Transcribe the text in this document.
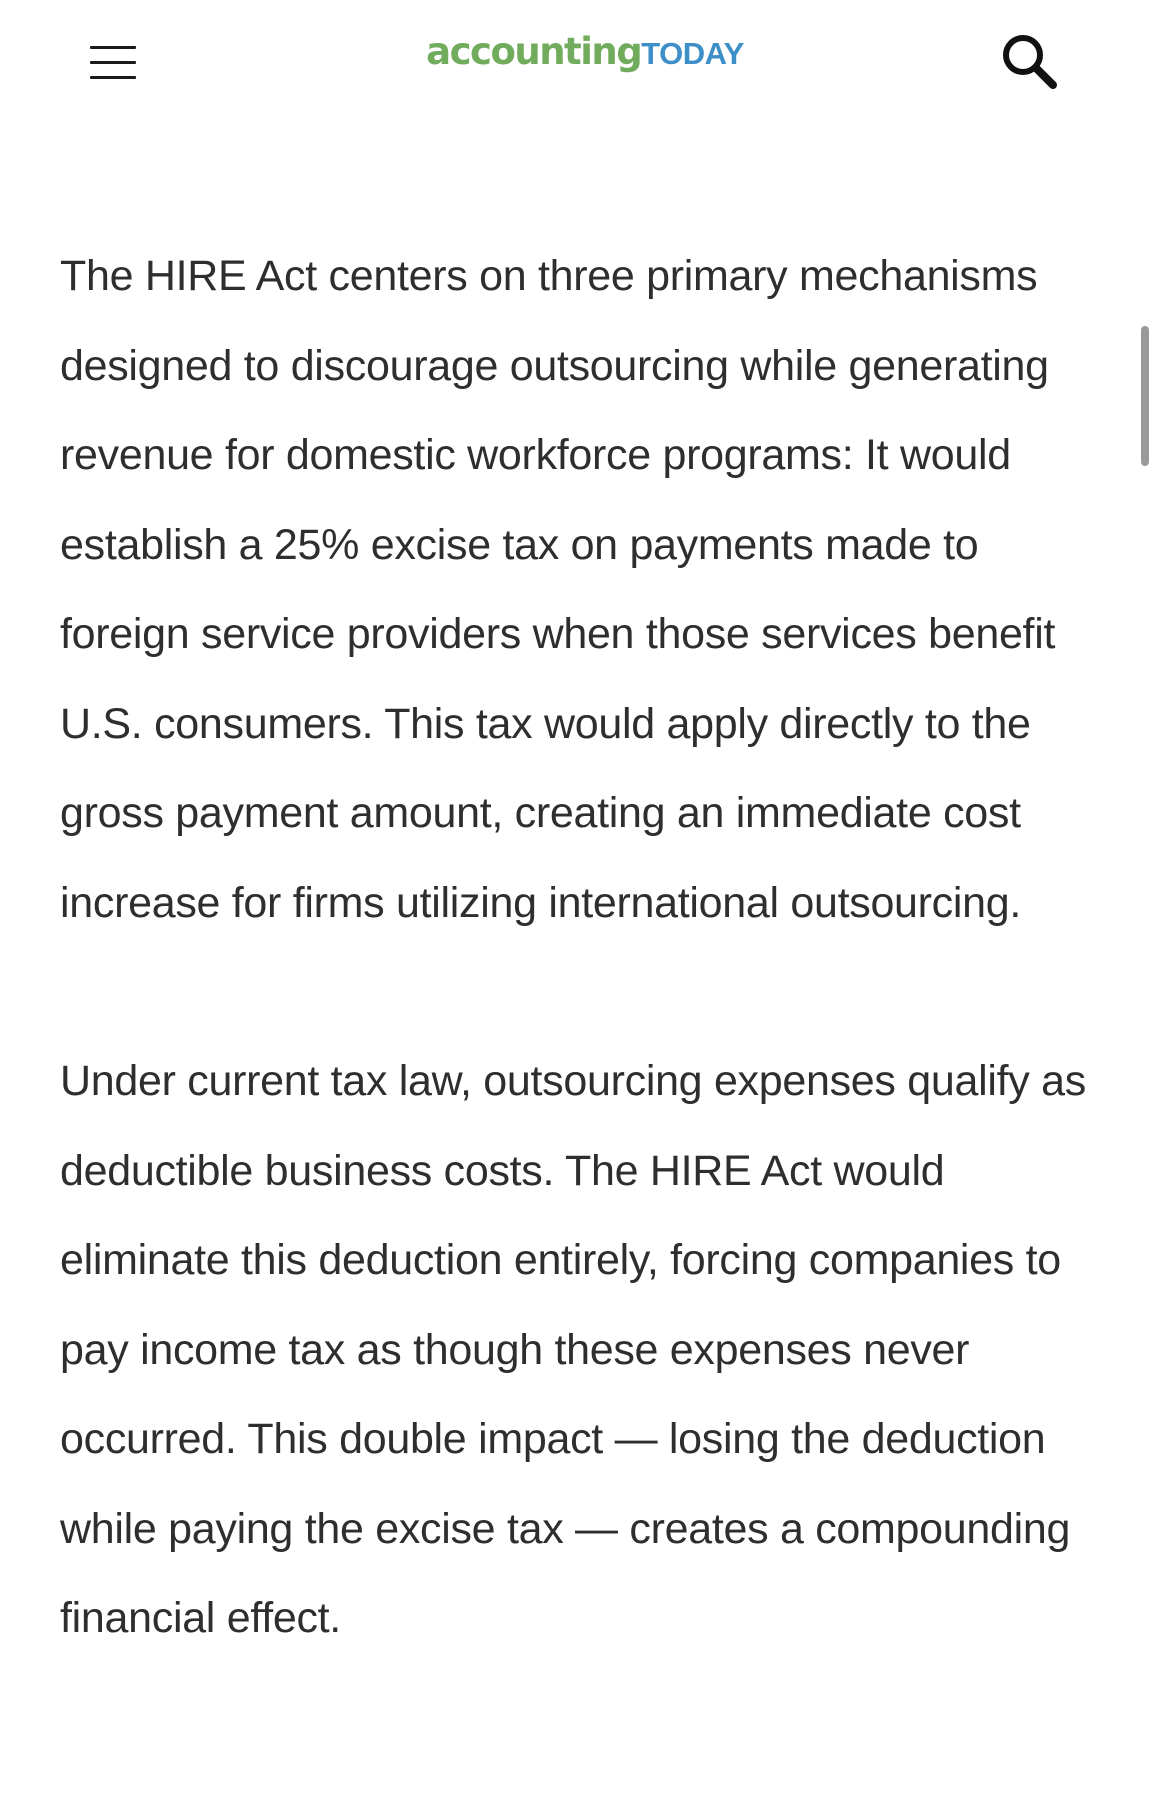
accountingTODAY

The HIRE Act centers on three primary mechanisms designed to discourage outsourcing while generating revenue for domestic workforce programs: It would establish a 25% excise tax on payments made to foreign service providers when those services benefit U.S. consumers. This tax would apply directly to the gross payment amount, creating an immediate cost increase for firms utilizing international outsourcing.

Under current tax law, outsourcing expenses qualify as deductible business costs. The HIRE Act would eliminate this deduction entirely, forcing companies to pay income tax as though these expenses never occurred. This double impact — losing the deduction while paying the excise tax — creates a compounding financial effect.
